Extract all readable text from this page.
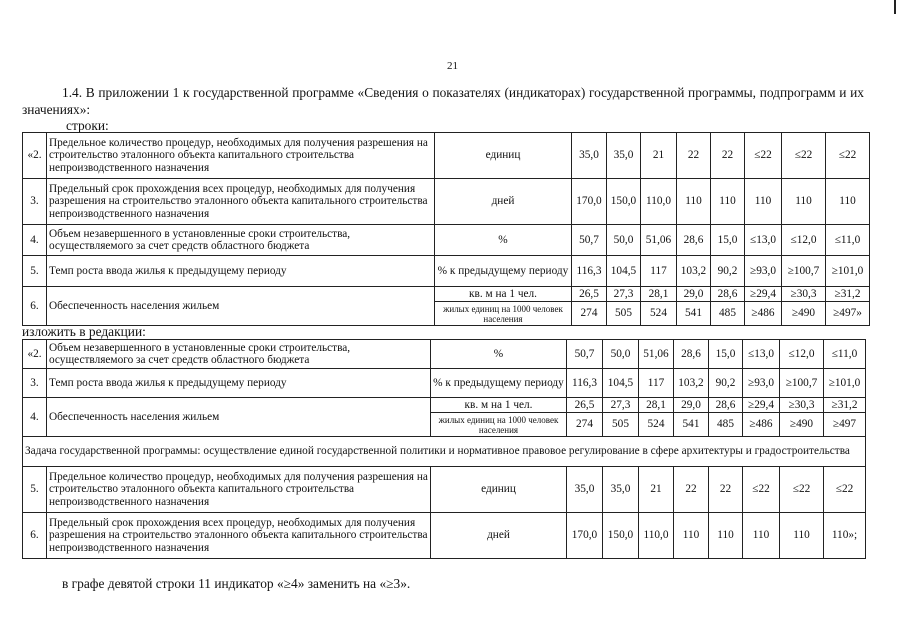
21

1.4. В приложении 1 к государственной программе «Сведения о показателях (индикаторах) государственной программы, подпрограмм и их значениях»:

строки:
«2.	Предельное количество процедур, необходимых для получения разрешения на строительство эталонного объекта капитального строительства непроизводственного назначения	единиц	35,0	35,0	21	22	22	≤22	≤22	≤22
3.	Предельный срок прохождения всех процедур, необходимых для получения разрешения на строительство эталонного объекта капитального строительства непроизводственного назначения	дней	170,0	150,0	110,0	110	110	110	110	110
4.	Объем незавершенного в установленные сроки строительства, осуществляемого за счет средств областного бюджета	%	50,7	50,0	51,06	28,6	15,0	≤13,0	≤12,0	≤11,0
5.	Темп роста ввода жилья к предыдущему периоду	% к предыдущему периоду	116,3	104,5	117	103,2	90,2	≥93,0	≥100,7	≥101,0
6.	Обеспеченность населения жильем	кв. м на 1 чел.	26,5	27,3	28,1	29,0	28,6	≥29,4	≥30,3	≥31,2
		жилых единиц на 1000 человек населения	274	505	524	541	485	≥486	≥490	≥497»
изложить в редакции:
«2.	Объем незавершенного в установленные сроки строительства, осуществляемого за счет средств областного бюджета	%	50,7	50,0	51,06	28,6	15,0	≤13,0	≤12,0	≤11,0
3.	Темп роста ввода жилья к предыдущему периоду	% к предыдущему периоду	116,3	104,5	117	103,2	90,2	≥93,0	≥100,7	≥101,0
4.	Обеспеченность населения жильем	кв. м на 1 чел.	26,5	27,3	28,1	29,0	28,6	≥29,4	≥30,3	≥31,2
		жилых единиц на 1000 человек населения	274	505	524	541	485	≥486	≥490	≥497
Задача государственной программы: осуществление единой государственной политики и нормативное правовое регулирование в сфере архитектуры и градостроительства										
5.	Предельное количество процедур, необходимых для получения разрешения на строительство эталонного объекта капитального строительства непроизводственного назначения	единиц	35,0	35,0	21	22	22	≤22	≤22	≤22
6.	Предельный срок прохождения всех процедур, необходимых для получения разрешения на строительство эталонного объекта капитального строительства непроизводственного назначения	дней	170,0	150,0	110,0	110	110	110	110	110»;
в графе девятой строки 11 индикатор «≥4» заменить на «≥3».
